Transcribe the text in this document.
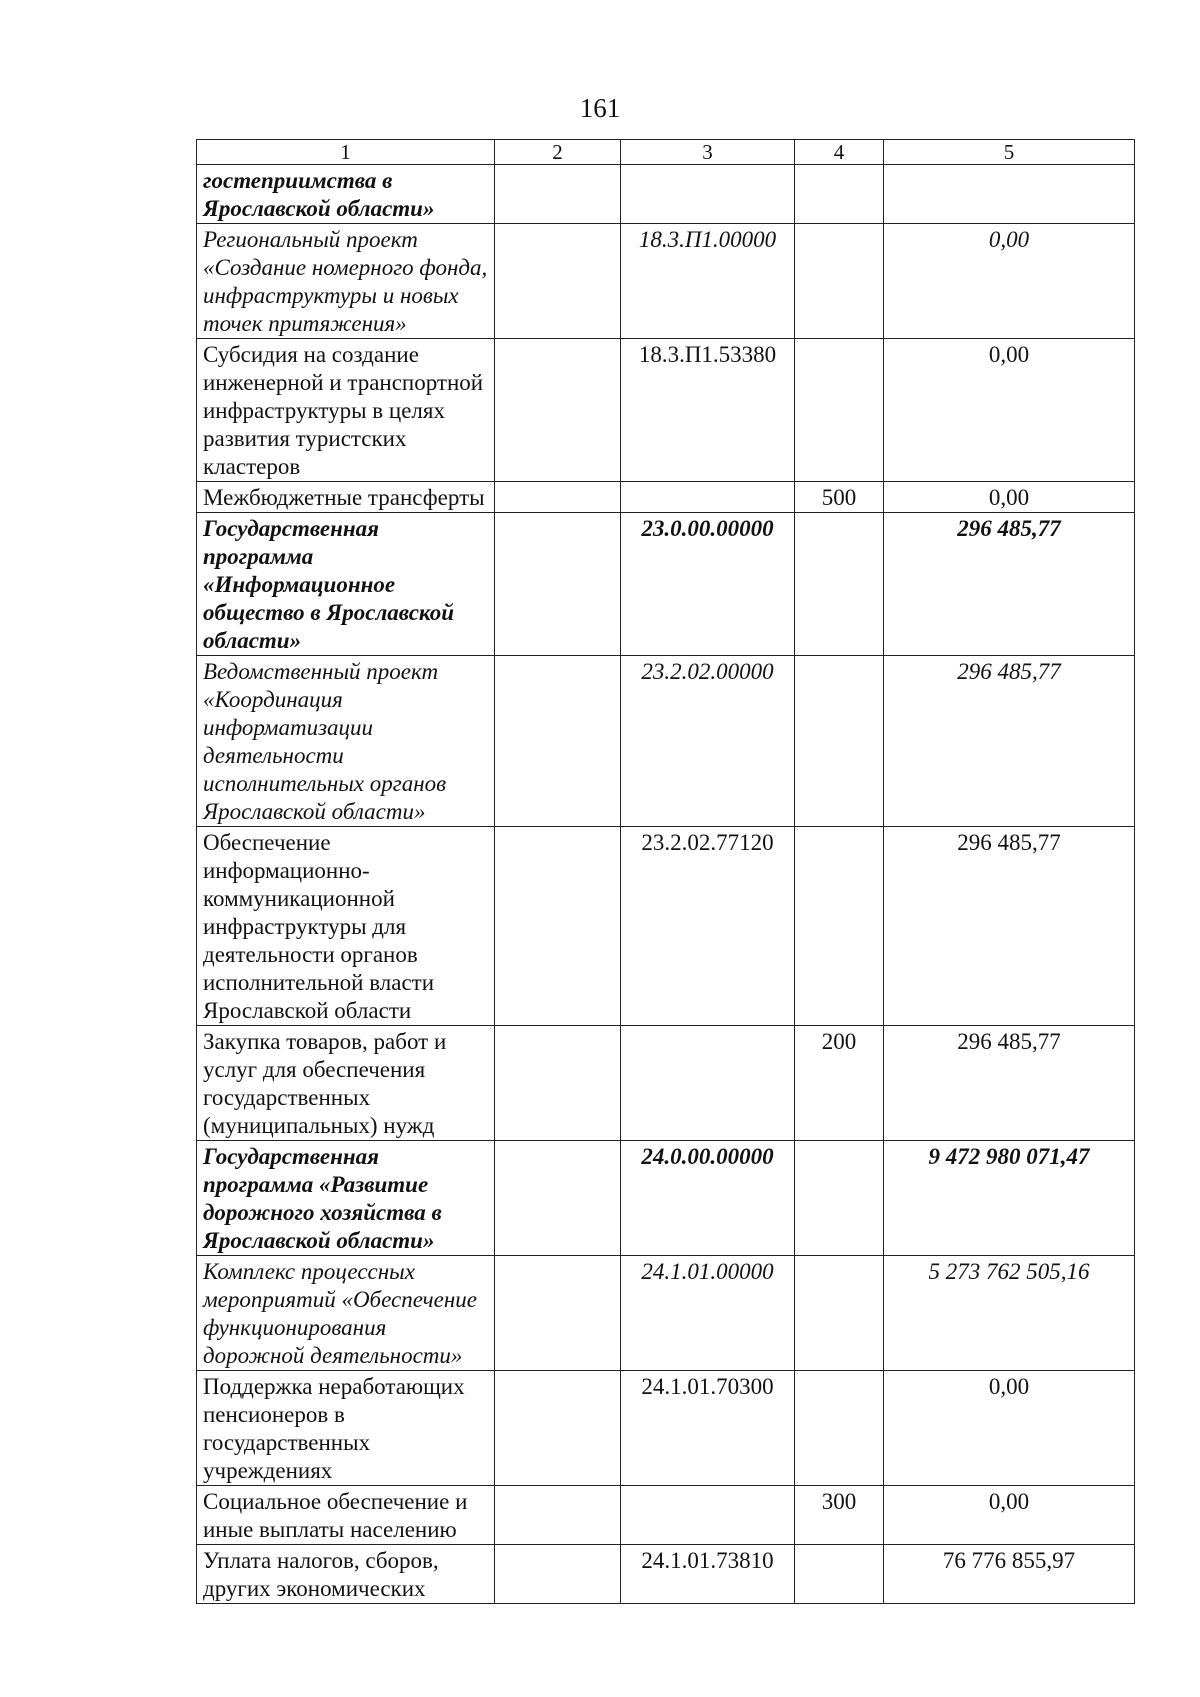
161
1	2	3	4	5
гостеприимства в Ярославской области»				
Региональный проект «Создание номерного фонда, инфраструктуры и новых точек притяжения»		18.3.П1.00000		0,00
Субсидия на создание инженерной и транспортной инфраструктуры в целях развития туристских кластеров		18.3.П1.53380		0,00
Межбюджетные трансферты			500	0,00
Государственная программа «Информационное общество в Ярославской области»		23.0.00.00000		296 485,77
Ведомственный проект «Координация информатизации деятельности исполнительных органов Ярославской области»		23.2.02.00000		296 485,77
Обеспечение информационно-коммуникационной инфраструктуры для деятельности органов исполнительной власти Ярославской области		23.2.02.77120		296 485,77
Закупка товаров, работ и услуг для обеспечения государственных (муниципальных) нужд			200	296 485,77
Государственная программа «Развитие дорожного хозяйства в Ярославской области»		24.0.00.00000		9 472 980 071,47
Комплекс процессных мероприятий «Обеспечение функционирования дорожной деятельности»		24.1.01.00000		5 273 762 505,16
Поддержка неработающих пенсионеров в государственных учреждениях		24.1.01.70300		0,00
Социальное обеспечение и иные выплаты населению			300	0,00
Уплата налогов, сборов, других экономических		24.1.01.73810		76 776 855,97
